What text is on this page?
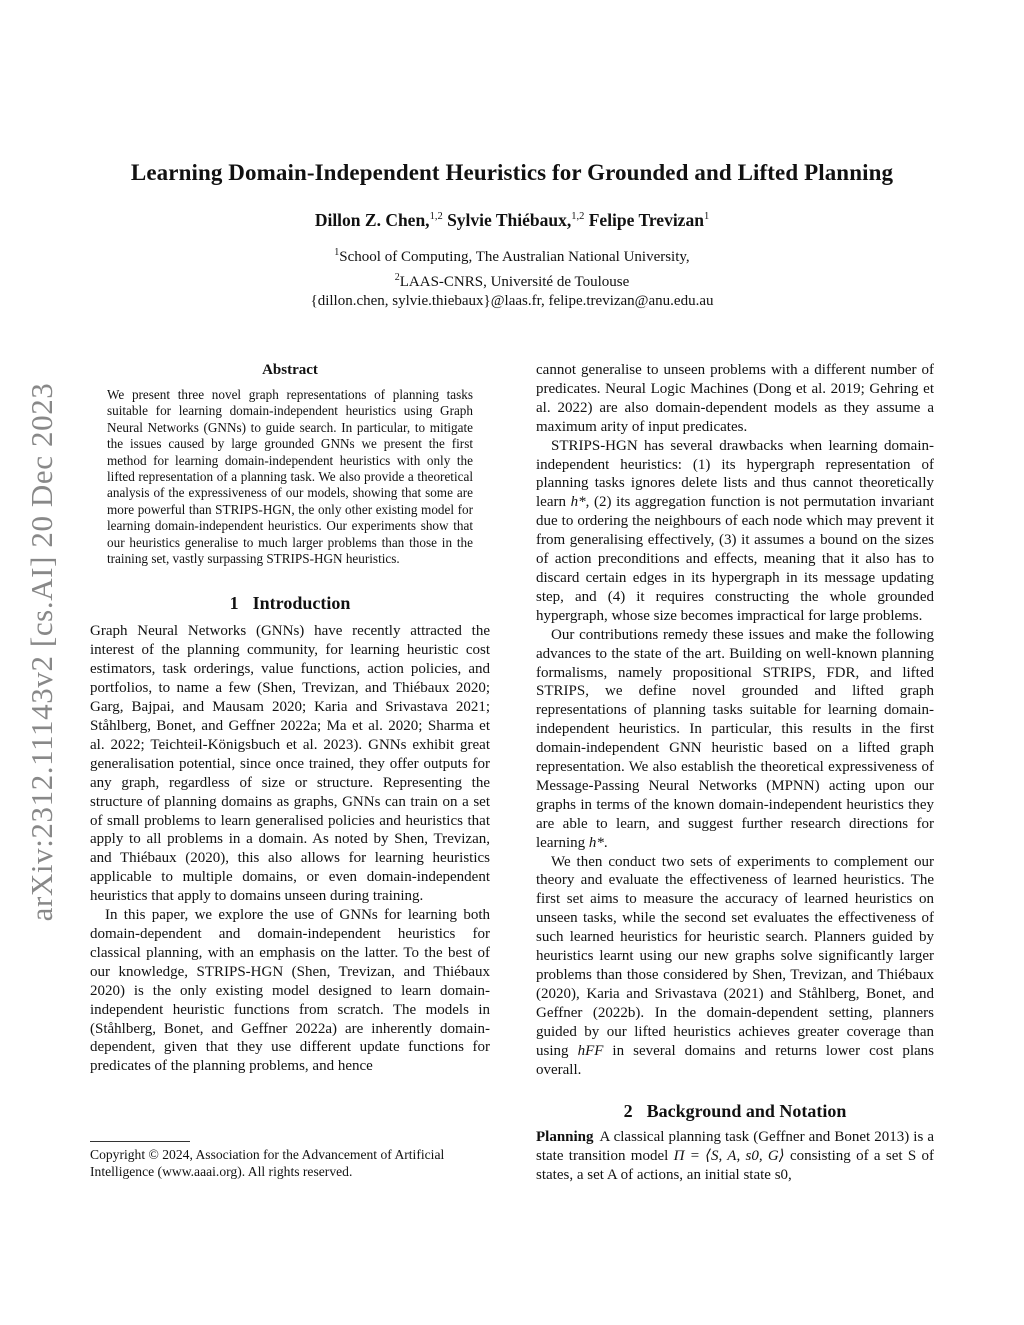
Learning Domain-Independent Heuristics for Grounded and Lifted Planning
Dillon Z. Chen,$^{1,2}$ Sylvie Thiébaux,$^{1,2}$ Felipe Trevizan$^1$
$^1$School of Computing, The Australian National University,
$^2$LAAS-CNRS, Université de Toulouse
{dillon.chen, sylvie.thiebaux}@laas.fr, felipe.trevizan@anu.edu.au
arXiv:2312.11143v2 [cs.AI] 20 Dec 2023
Abstract
We present three novel graph representations of planning tasks suitable for learning domain-independent heuristics using Graph Neural Networks (GNNs) to guide search. In particular, to mitigate the issues caused by large grounded GNNs we present the first method for learning domain-independent heuristics with only the lifted representation of a planning task. We also provide a theoretical analysis of the expressiveness of our models, showing that some are more powerful than STRIPS-HGN, the only other existing model for learning domain-independent heuristics. Our experiments show that our heuristics generalise to much larger problems than those in the training set, vastly surpassing STRIPS-HGN heuristics.
1 Introduction

Graph Neural Networks (GNNs) have recently attracted the interest of the planning community, for learning heuristic cost estimators, task orderings, value functions, action policies, and portfolios, to name a few (Shen, Trevizan, and Thiébaux 2020; Garg, Bajpai, and Mausam 2020; Karia and Srivastava 2021; Ståhlberg, Bonet, and Geffner 2022a; Ma et al. 2020; Sharma et al. 2022; Teichteil-Königsbuch et al. 2023). GNNs exhibit great generalisation potential, since once trained, they offer outputs for any graph, regardless of size or structure. Representing the structure of planning domains as graphs, GNNs can train on a set of small problems to learn generalised policies and heuristics that apply to all problems in a domain. As noted by Shen, Trevizan, and Thiébaux (2020), this also allows for learning heuristics applicable to multiple domains, or even domain-independent heuristics that apply to domains unseen during training.

In this paper, we explore the use of GNNs for learning both domain-dependent and domain-independent heuristics for classical planning, with an emphasis on the latter. To the best of our knowledge, STRIPS-HGN (Shen, Trevizan, and Thiébaux 2020) is the only existing model designed to learn domain-independent heuristic functions from scratch. The models in (Ståhlberg, Bonet, and Geffner 2022a) are inherently domain-dependent, given that they use different update functions for predicates of the planning problems, and hence

Copyright © 2024, Association for the Advancement of Artificial Intelligence (www.aaai.org). All rights reserved.

cannot generalise to unseen problems with a different number of predicates. Neural Logic Machines (Dong et al. 2019; Gehring et al. 2022) are also domain-dependent models as they assume a maximum arity of input predicates.

STRIPS-HGN has several drawbacks when learning domain-independent heuristics: (1) its hypergraph representation of planning tasks ignores delete lists and thus cannot theoretically learn h*, (2) its aggregation function is not permutation invariant due to ordering the neighbours of each node which may prevent it from generalising effectively, (3) it assumes a bound on the sizes of action preconditions and effects, meaning that it also has to discard certain edges in its hypergraph in its message updating step, and (4) it requires constructing the whole grounded hypergraph, whose size becomes impractical for large problems.

Our contributions remedy these issues and make the following advances to the state of the art. Building on well-known planning formalisms, namely propositional STRIPS, FDR, and lifted STRIPS, we define novel grounded and lifted graph representations of planning tasks suitable for learning domain-independent heuristics. In particular, this results in the first domain-independent GNN heuristic based on a lifted graph representation. We also establish the theoretical expressiveness of Message-Passing Neural Networks (MPNN) acting upon our graphs in terms of the known domain-independent heuristics they are able to learn, and suggest further research directions for learning h*.

We then conduct two sets of experiments to complement our theory and evaluate the effectiveness of learned heuristics. The first set aims to measure the accuracy of learned heuristics on unseen tasks, while the second set evaluates the effectiveness of such learned heuristics for heuristic search. Planners guided by heuristics learnt using our new graphs solve significantly larger problems than those considered by Shen, Trevizan, and Thiébaux (2020), Karia and Srivastava (2021) and Ståhlberg, Bonet, and Geffner (2022b). In the domain-dependent setting, planners guided by our lifted heuristics achieves greater coverage than using hFF in several domains and returns lower cost plans overall.

2 Background and Notation

Planning A classical planning task (Geffner and Bonet 2013) is a state transition model Π = ⟨S, A, s0, G⟩ consisting of a set S of states, a set A of actions, an initial state s0,
